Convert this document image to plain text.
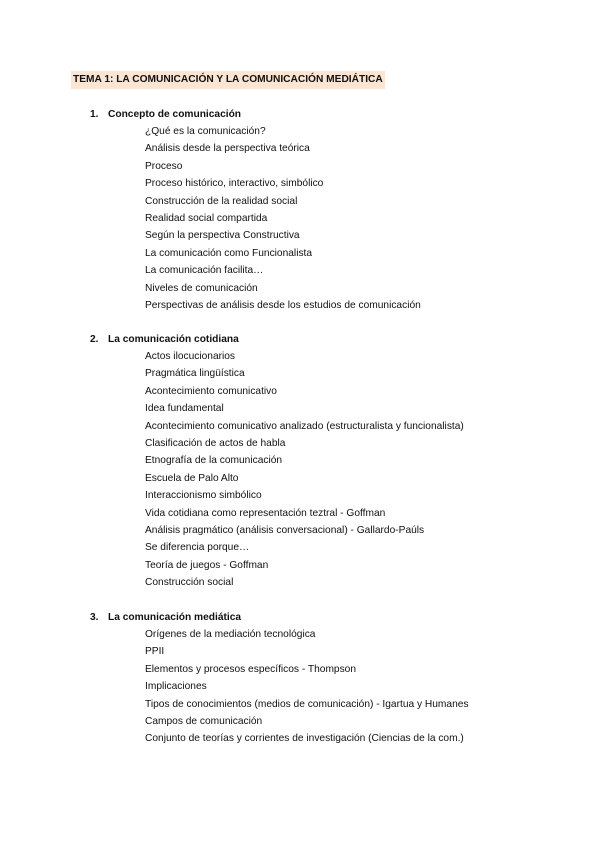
TEMA 1: LA COMUNICACIÓN Y LA COMUNICACIÓN MEDIÁTICA
1. Concepto de comunicación
¿Qué es la comunicación?
Análisis desde la perspectiva teórica
Proceso
Proceso histórico, interactivo, simbólico
Construcción de la realidad social
Realidad social compartida
Según la perspectiva Constructiva
La comunicación como Funcionalista
La comunicación facilita…
Niveles de comunicación
Perspectivas de análisis desde los estudios de comunicación
2. La comunicación cotidiana
Actos ilocucionarios
Pragmática lingüística
Acontecimiento comunicativo
Idea fundamental
Acontecimiento comunicativo analizado (estructuralista y funcionalista)
Clasificación de actos de habla
Etnografía de la comunicación
Escuela de Palo Alto
Interaccionismo simbólico
Vida cotidiana como representación teztral - Goffman
Análisis pragmático (análisis conversacional) - Gallardo-Paúls
Se diferencia porque…
Teoría de juegos - Goffman
Construcción social
3. La comunicación mediática
Orígenes de la mediación tecnológica
PPII
Elementos y procesos específicos - Thompson
Implicaciones
Tipos de conocimientos (medios de comunicación) - Igartua y Humanes
Campos de comunicación
Conjunto de teorías y corrientes de investigación (Ciencias de la com.)
